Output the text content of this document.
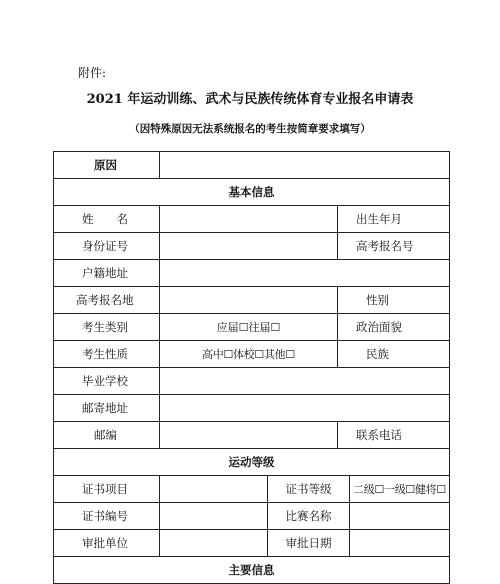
附件:
2021 年运动训练、武术与民族传统体育专业报名申请表
（因特殊原因无法系统报名的考生按简章要求填写）
原因				
基本信息				
姓　　名			出生年月	
身份证号			高考报名号	
户籍地址				
高考报名地			性别	
考生类别	应届☐往届☐		政治面貌	
考生性质	高中☐体校☐其他☐		民族	
毕业学校				
邮寄地址				
邮编			联系电话	
运动等级				
证书项目		证书等级		二级☐一级☐健将☐
证书编号		比赛名称		
审批单位		审批日期		
主要信息				
